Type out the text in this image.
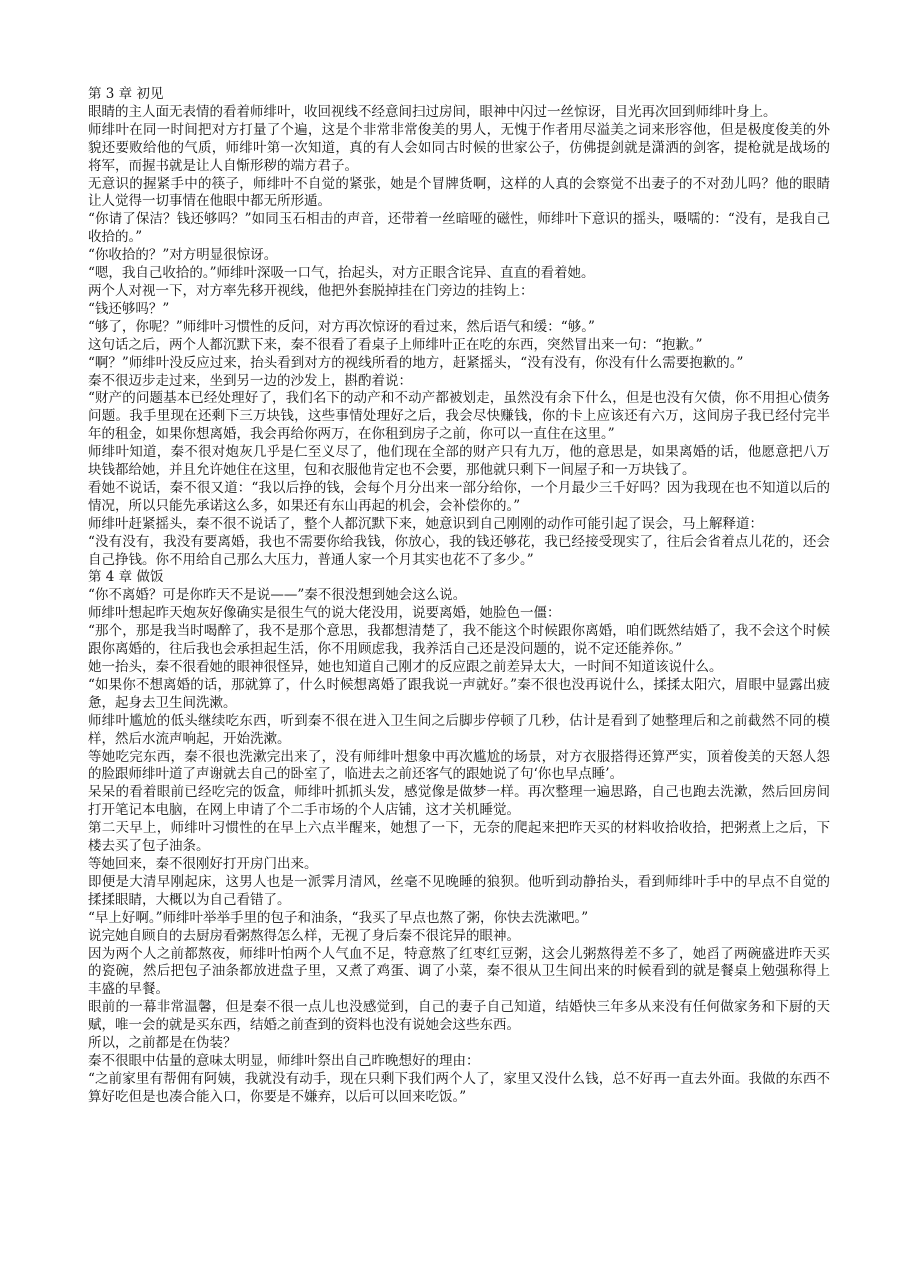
第 3 章 初见

眼睛的主人面无表情的看着师绯叶，收回视线不经意间扫过房间，眼神中闪过一丝惊讶，目光再次回到师绯叶身上。

师绯叶在同一时间把对方打量了个遍，这是个非常非常俊美的男人，无愧于作者用尽溢美之词来形容他，但是极度俊美的外貌还要败给他的气质，师绯叶第一次知道，真的有人会如同古时候的世家公子，仿佛提剑就是潇洒的剑客，提枪就是战场的将军，而握书就是让人自惭形秽的端方君子。

无意识的握紧手中的筷子，师绯叶不自觉的紧张，她是个冒牌货啊，这样的人真的会察觉不出妻子的不对劲儿吗？他的眼睛让人觉得一切事情在他眼中都无所形遁。

“你请了保洁？钱还够吗？”如同玉石相击的声音，还带着一丝暗哑的磁性，师绯叶下意识的摇头，嗫嚅的：“没有，是我自己收拾的。”

“你收拾的？”对方明显很惊讶。

“嗯，我自己收拾的。”师绯叶深吸一口气，抬起头，对方正眼含诧异、直直的看着她。

两个人对视一下，对方率先移开视线，他把外套脱掉挂在门旁边的挂钩上：

“钱还够吗？”

“够了，你呢？”师绯叶习惯性的反问，对方再次惊讶的看过来，然后语气和缓：“够。”

这句话之后，两个人都沉默下来，秦不很看了看桌子上师绯叶正在吃的东西，突然冒出来一句：“抱歉。”

“啊？”师绯叶没反应过来，抬头看到对方的视线所看的地方，赶紧摇头，“没有没有，你没有什么需要抱歉的。”

秦不很迈步走过来，坐到另一边的沙发上，斟酌着说：

“财产的问题基本已经处理好了，我们名下的动产和不动产都被划走，虽然没有余下什么，但是也没有欠债，你不用担心债务问题。我手里现在还剩下三万块钱，这些事情处理好之后，我会尽快赚钱，你的卡上应该还有六万，这间房子我已经付完半年的租金，如果你想离婚，我会再给你两万，在你租到房子之前，你可以一直住在这里。”

师绯叶知道，秦不很对炮灰几乎是仁至义尽了，他们现在全部的财产只有九万，他的意思是，如果离婚的话，他愿意把八万块钱都给她，并且允许她住在这里，包和衣服他肯定也不会要，那他就只剩下一间屋子和一万块钱了。

看她不说话，秦不很又道：“我以后挣的钱，会每个月分出来一部分给你，一个月最少三千好吗？因为我现在也不知道以后的情况，所以只能先承诺这么多，如果还有东山再起的机会，会补偿你的。”

师绯叶赶紧摇头，秦不很不说话了，整个人都沉默下来，她意识到自己刚刚的动作可能引起了误会，马上解释道：

“没有没有，我没有要离婚，我也不需要你给我钱，你放心，我的钱还够花，我已经接受现实了，往后会省着点儿花的，还会自己挣钱。你不用给自己那么大压力，普通人家一个月其实也花不了多少。”

第 4 章 做饭

“你不离婚？可是你昨天不是说——”秦不很没想到她会这么说。

师绯叶想起昨天炮灰好像确实是很生气的说大佬没用，说要离婚，她脸色一僵：

“那个，那是我当时喝醉了，我不是那个意思，我都想清楚了，我不能这个时候跟你离婚，咱们既然结婚了，我不会这个时候跟你离婚的，往后我也会承担起生活，你不用顾虑我，我养活自己还是没问题的，说不定还能养你。”

她一抬头，秦不很看她的眼神很怪异，她也知道自己刚才的反应跟之前差异太大，一时间不知道该说什么。

“如果你不想离婚的话，那就算了，什么时候想离婚了跟我说一声就好。”秦不很也没再说什么，揉揉太阳穴，眉眼中显露出疲惫，起身去卫生间洗漱。

师绯叶尴尬的低头继续吃东西，听到秦不很在进入卫生间之后脚步停顿了几秒，估计是看到了她整理后和之前截然不同的模样，然后水流声响起，开始洗漱。

等她吃完东西，秦不很也洗漱完出来了，没有师绯叶想象中再次尴尬的场景，对方衣服搭得还算严实，顶着俊美的天怒人怨的脸跟师绯叶道了声谢就去自己的卧室了，临进去之前还客气的跟她说了句‘你也早点睡’。

呆呆的看着眼前已经吃完的饭盒，师绯叶抓抓头发，感觉像是做梦一样。再次整理一遍思路，自己也跑去洗漱，然后回房间打开笔记本电脑，在网上申请了个二手市场的个人店铺，这才关机睡觉。

第二天早上，师绯叶习惯性的在早上六点半醒来，她想了一下，无奈的爬起来把昨天买的材料收拾收拾，把粥煮上之后，下楼去买了包子油条。

等她回来，秦不很刚好打开房门出来。

即便是大清早刚起床，这男人也是一派霁月清风，丝毫不见晚睡的狼狈。他听到动静抬头，看到师绯叶手中的早点不自觉的揉揉眼睛，大概以为自己看错了。

“早上好啊。”师绯叶举举手里的包子和油条，“我买了早点也熬了粥，你快去洗漱吧。”

说完她自顾自的去厨房看粥熬得怎么样，无视了身后秦不很诧异的眼神。

因为两个人之前都熬夜，师绯叶怕两个人气血不足，特意熬了红枣红豆粥，这会儿粥熬得差不多了，她舀了两碗盛进昨天买的瓷碗，然后把包子油条都放进盘子里，又煮了鸡蛋、调了小菜，秦不很从卫生间出来的时候看到的就是餐桌上勉强称得上丰盛的早餐。

眼前的一幕非常温馨，但是秦不很一点儿也没感觉到，自己的妻子自己知道，结婚快三年多从来没有任何做家务和下厨的天赋，唯一会的就是买东西，结婚之前查到的资料也没有说她会这些东西。

所以，之前都是在伪装？

秦不很眼中估量的意味太明显，师绯叶祭出自己昨晚想好的理由：

“之前家里有帮佣有阿姨，我就没有动手，现在只剩下我们两个人了，家里又没什么钱，总不好再一直去外面。我做的东西不算好吃但是也凑合能入口，你要是不嫌弃，以后可以回来吃饭。”
